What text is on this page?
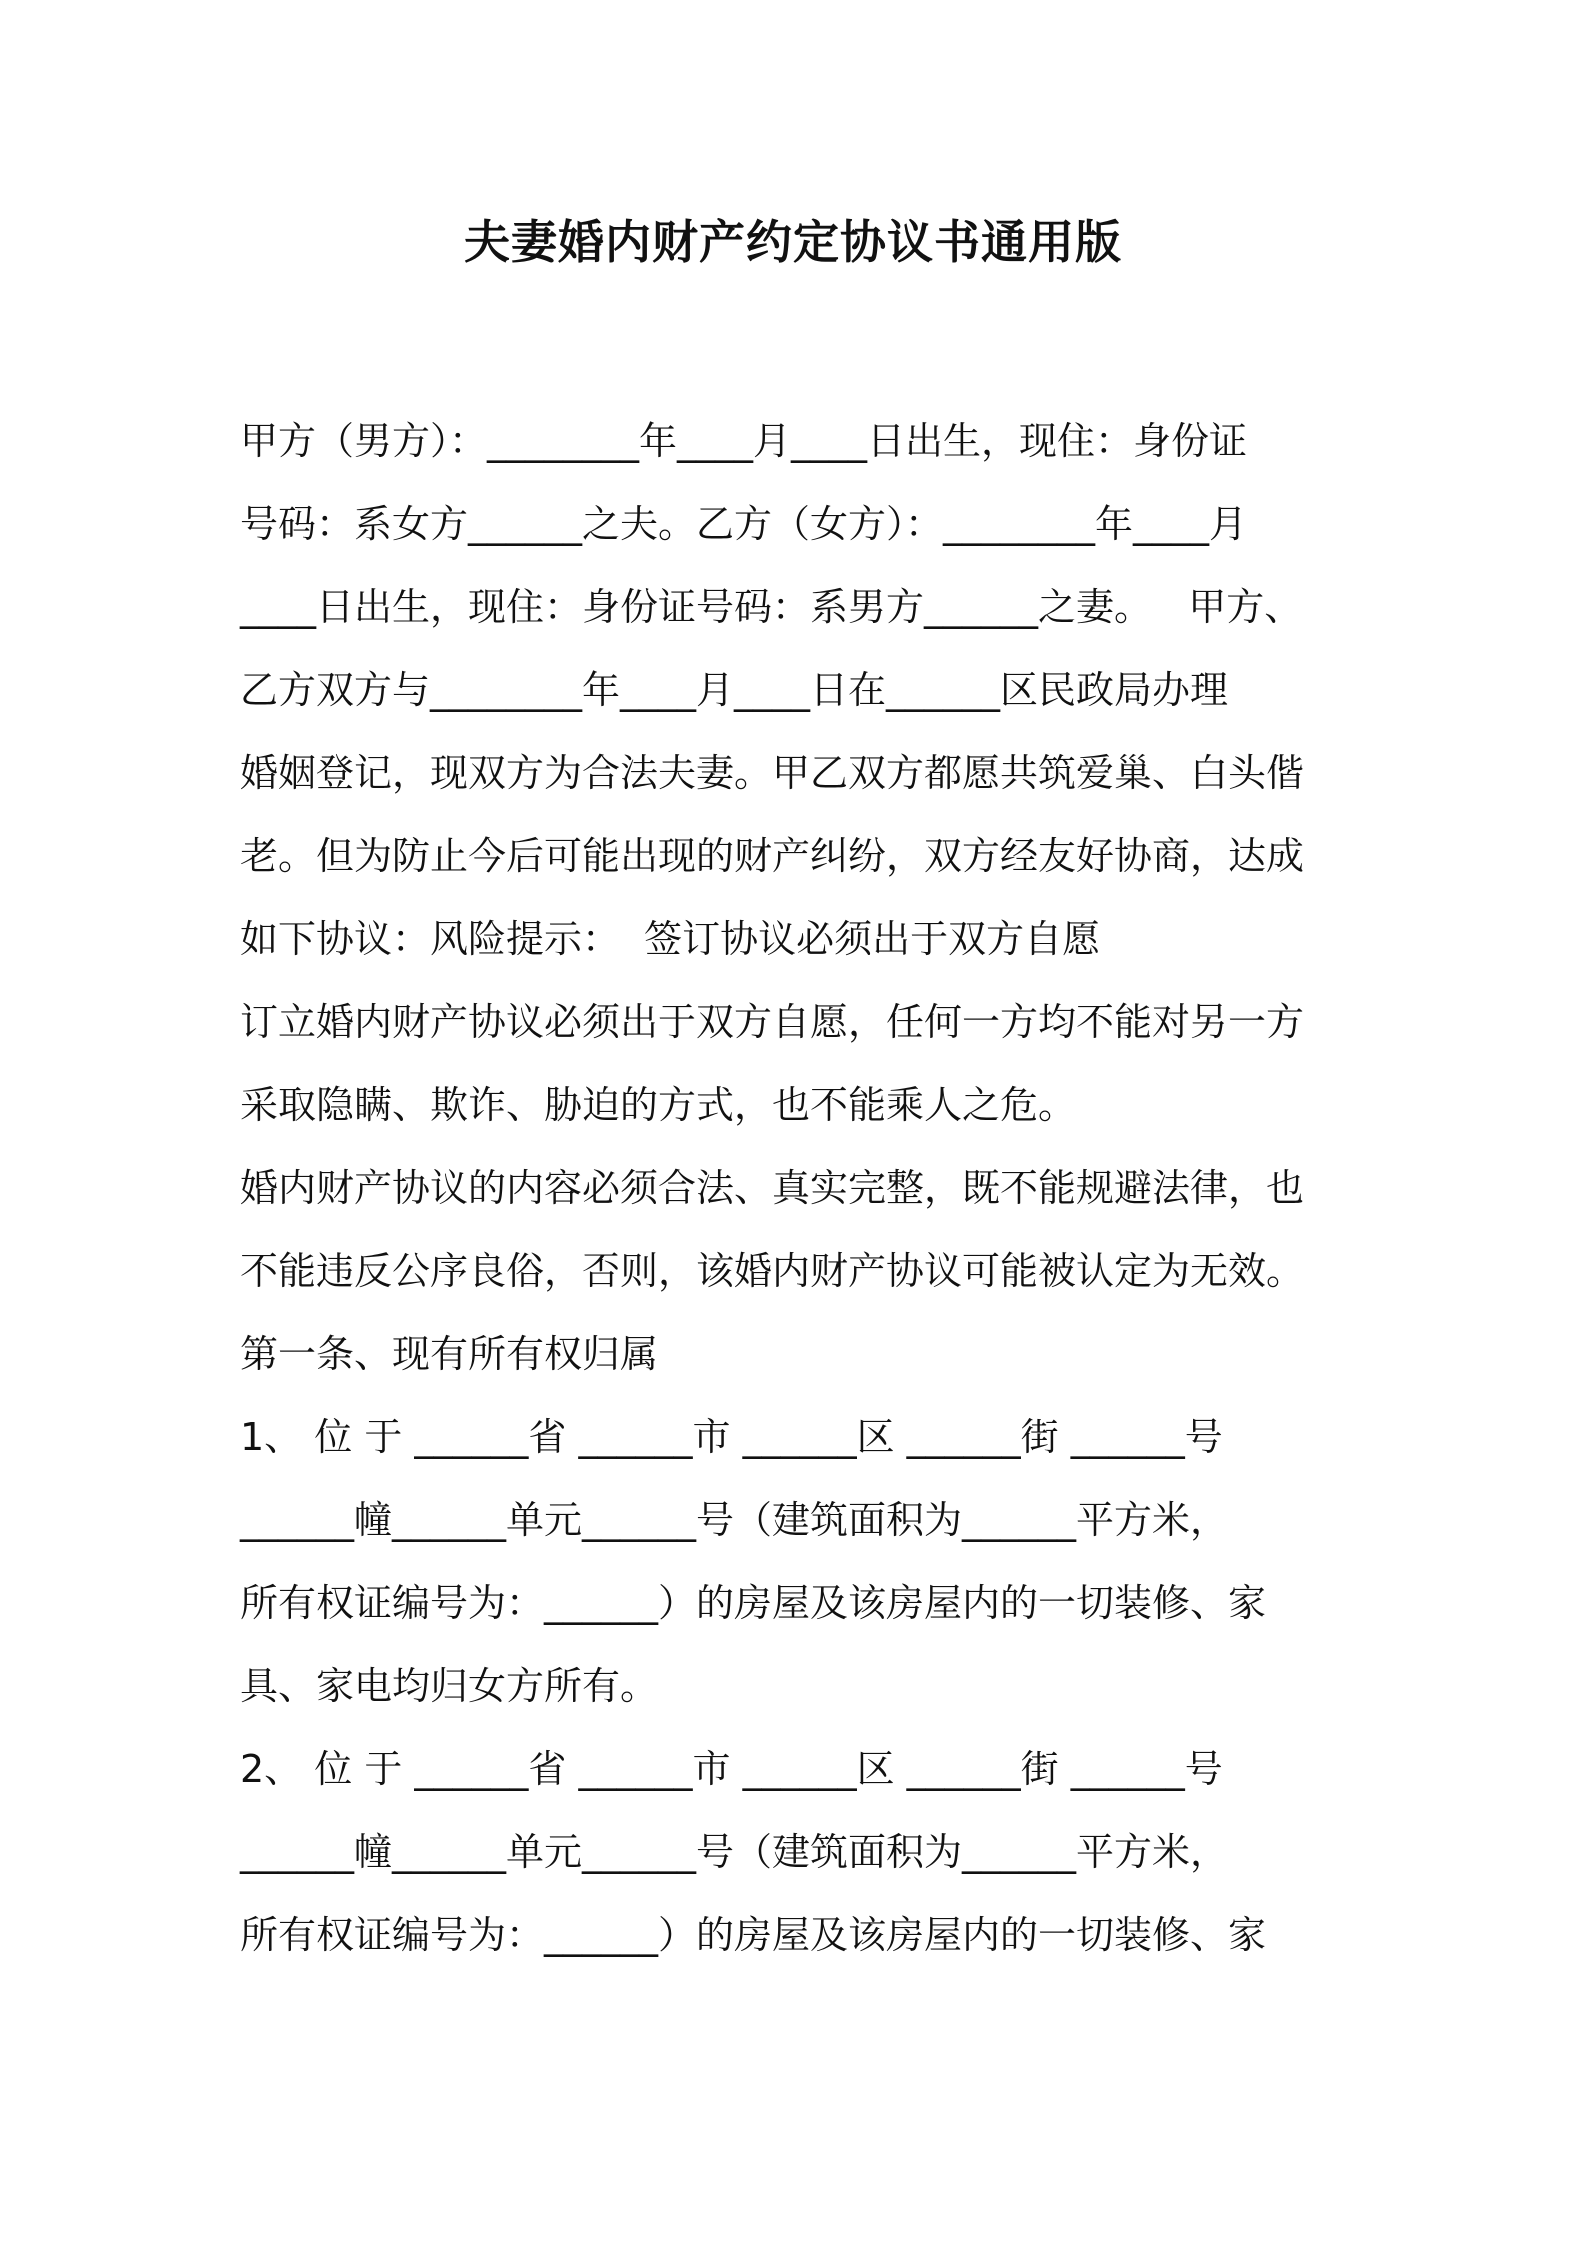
夫妻婚内财产约定协议书通用版
甲方（男方）：________年____月____日出生，现住：身份证
号码：系女方______之夫。乙方（女方）：________年____月
____日出生，现住：身份证号码：系男方______之妻。   甲方、
乙方双方与________年____月____日在______区民政局办理
婚姻登记，现双方为合法夫妻。甲乙双方都愿共筑爱巢、白头偕
老。但为防止今后可能出现的财产纠纷，双方经友好协商，达成
如下协议：风险提示：  签订协议必须出于双方自愿
订立婚内财产协议必须出于双方自愿，任何一方均不能对另一方
采取隐瞒、欺诈、胁迫的方式，也不能乘人之危。
婚内财产协议的内容必须合法、真实完整，既不能规避法律，也
不能违反公序良俗，否则，该婚内财产协议可能被认定为无效。
第一条、现有所有权归属
1、 位 于 ______省 ______市 ______区 ______街 ______号
______幢______单元______号（建筑面积为______平方米，
所有权证编号为：______）的房屋及该房屋内的一切装修、家
具、家电均归女方所有。
2、 位 于 ______省 ______市 ______区 ______街 ______号
______幢______单元______号（建筑面积为______平方米，
所有权证编号为：______）的房屋及该房屋内的一切装修、家
